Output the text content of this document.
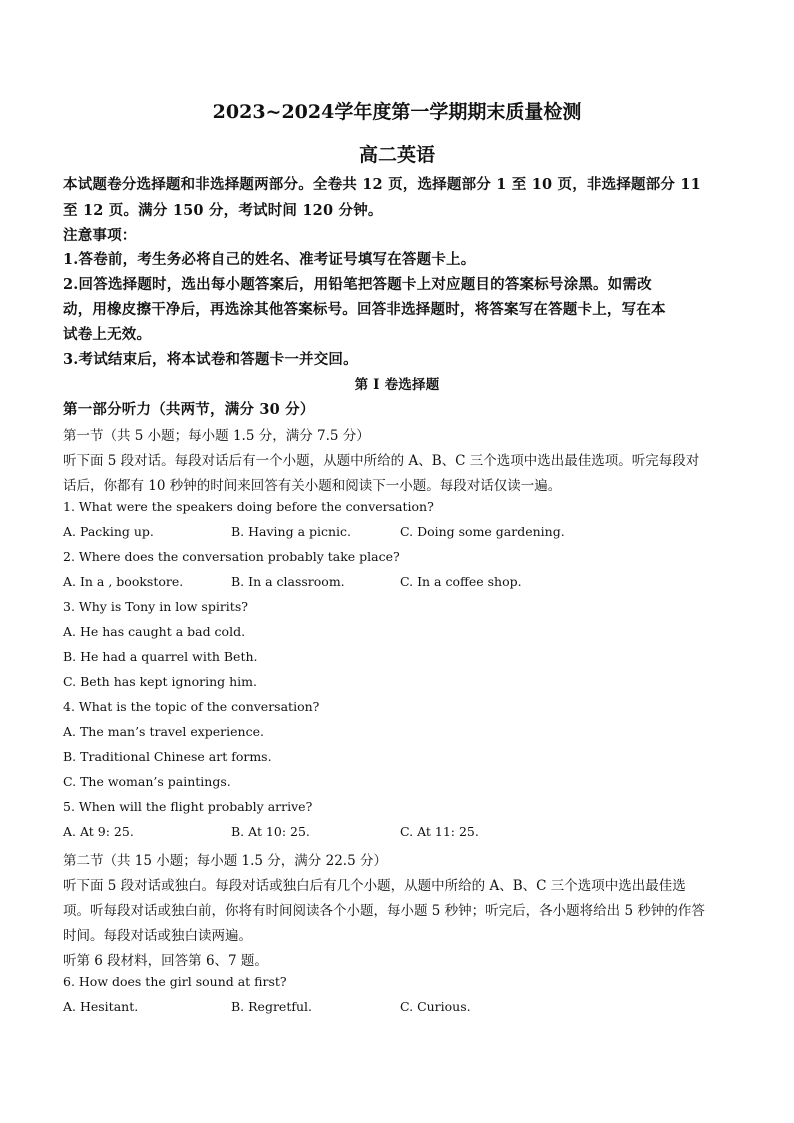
2023~2024学年度第一学期期末质量检测
高二英语
本试题卷分选择题和非选择题两部分。全卷共 12 页，选择题部分 1 至 10 页，非选择题部分 11
至 12 页。满分 150 分，考试时间 120 分钟。
注意事项：
1.答卷前，考生务必将自己的姓名、准考证号填写在答题卡上。
2.回答选择题时，选出每小题答案后，用铅笔把答题卡上对应题目的答案标号涂黑。如需改
动，用橡皮擦干净后，再选涂其他答案标号。回答非选择题时，将答案写在答题卡上，写在本
试卷上无效。
3.考试结束后，将本试卷和答题卡一并交回。
第 I 卷选择题
第一部分听力（共两节，满分 30 分）
第一节（共 5 小题；每小题 1.5 分，满分 7.5 分）
听下面 5 段对话。每段对话后有一个小题，从题中所给的 A、B、C 三个选项中选出最佳选项。听完每段对
话后，你都有 10 秒钟的时间来回答有关小题和阅读下一小题。每段对话仅读一遍。
1. What were the speakers doing before the conversation?
A. Packing up.	B. Having a picnic.	C. Doing some gardening.
2. Where does the conversation probably take place?
A. In a , bookstore.	B. In a classroom.	C. In a coffee shop.
3. Why is Tony in low spirits?
A. He has caught a bad cold.
B. He had a quarrel with Beth.
C. Beth has kept ignoring him.
4. What is the topic of the conversation?
A. The man’s travel experience.
B. Traditional Chinese art forms.
C. The woman’s paintings.
5. When will the flight probably arrive?
A. At 9: 25.	B. At 10: 25.	C. At 11: 25.
第二节（共 15 小题；每小题 1.5 分，满分 22.5 分）
听下面 5 段对话或独白。每段对话或独白后有几个小题，从题中所给的 A、B、C 三个选项中选出最佳选
项。听每段对话或独白前，你将有时间阅读各个小题，每小题 5 秒钟；听完后，各小题将给出 5 秒钟的作答
时间。每段对话或独白读两遍。
听第 6 段材料，回答第 6、7 题。
6. How does the girl sound at first?
A. Hesitant.	B. Regretful.	C. Curious.
